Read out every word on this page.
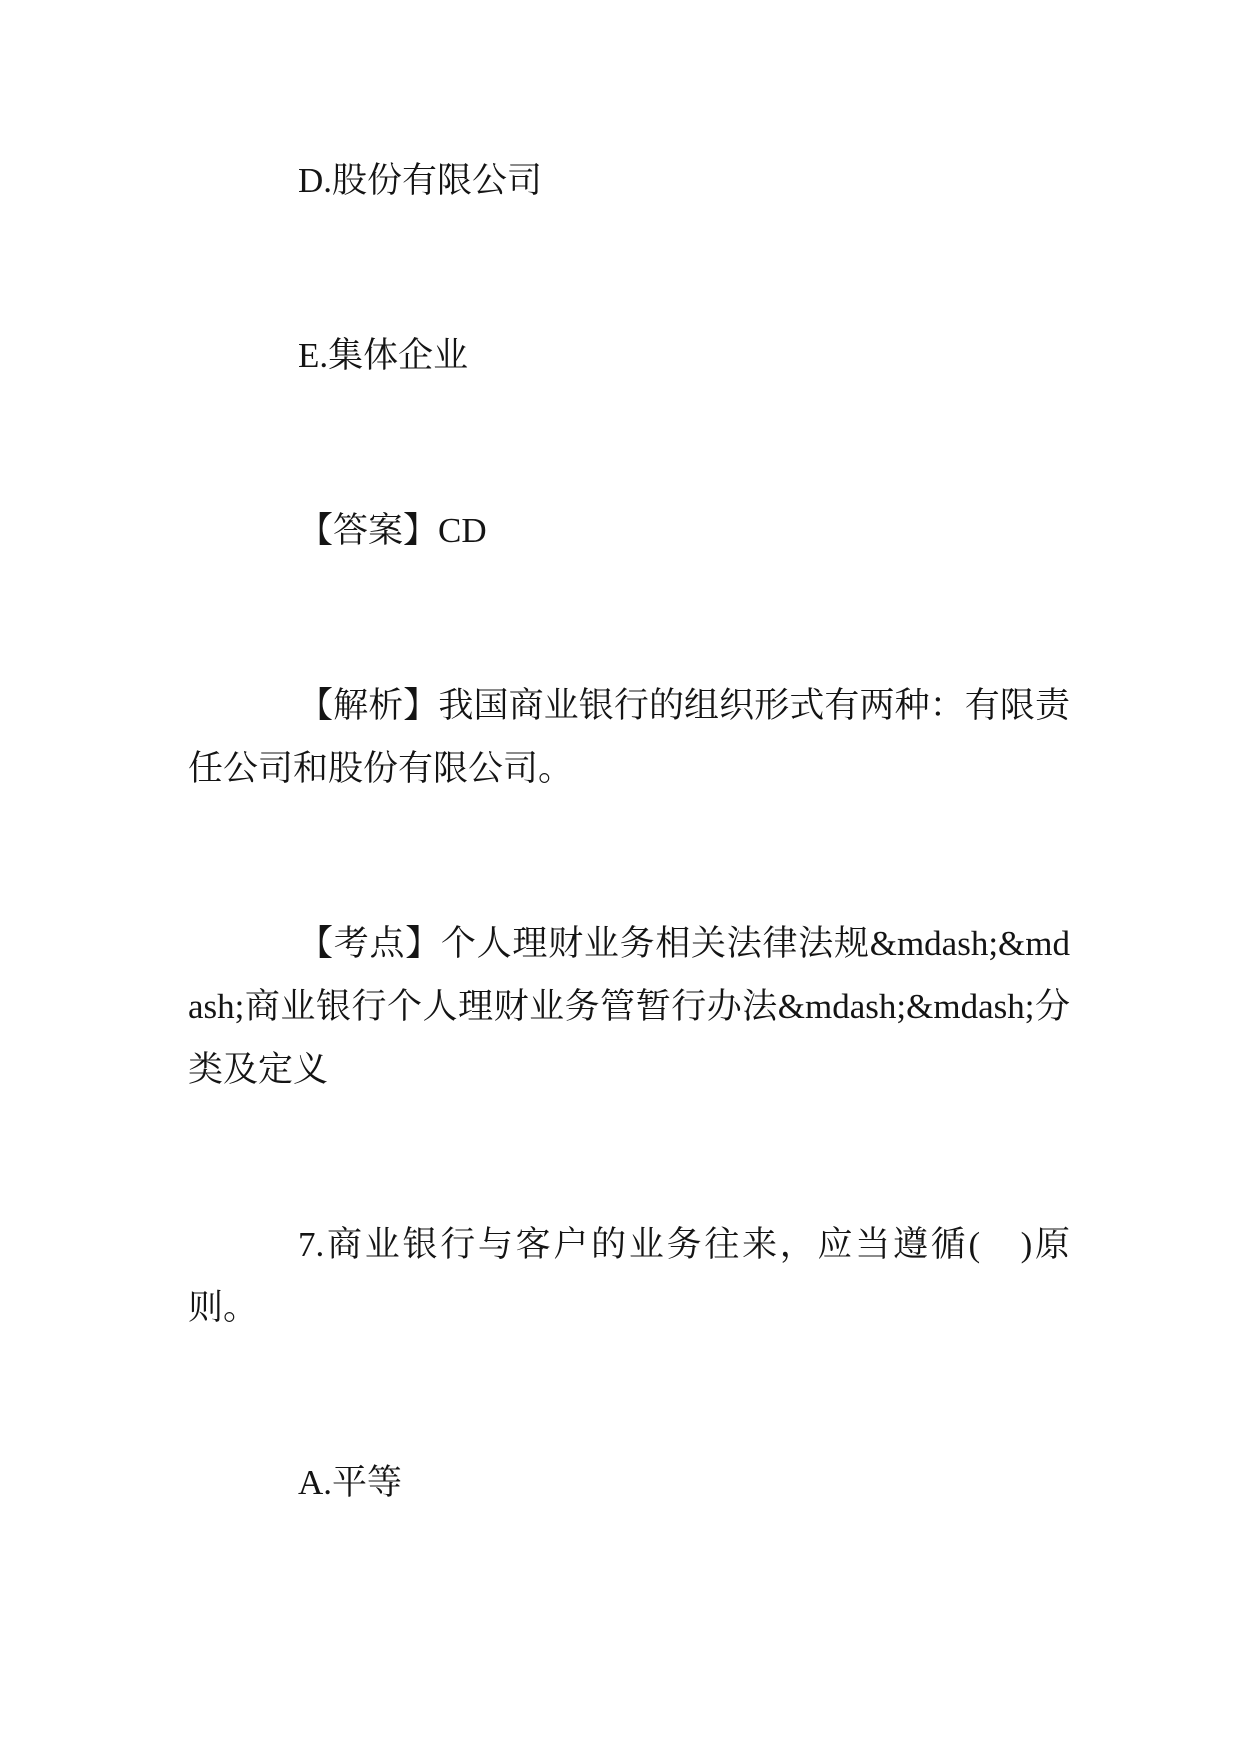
D.股份有限公司

E.集体企业

【答案】CD

【解析】我国商业银行的组织形式有两种：有限责任公司和股份有限公司。

【考点】个人理财业务相关法律法规&mdash;&mdash;商业银行个人理财业务管暂行办法&mdash;&mdash;分类及定义

7.商业银行与客户的业务往来，应当遵循(　)原则。

A.平等
